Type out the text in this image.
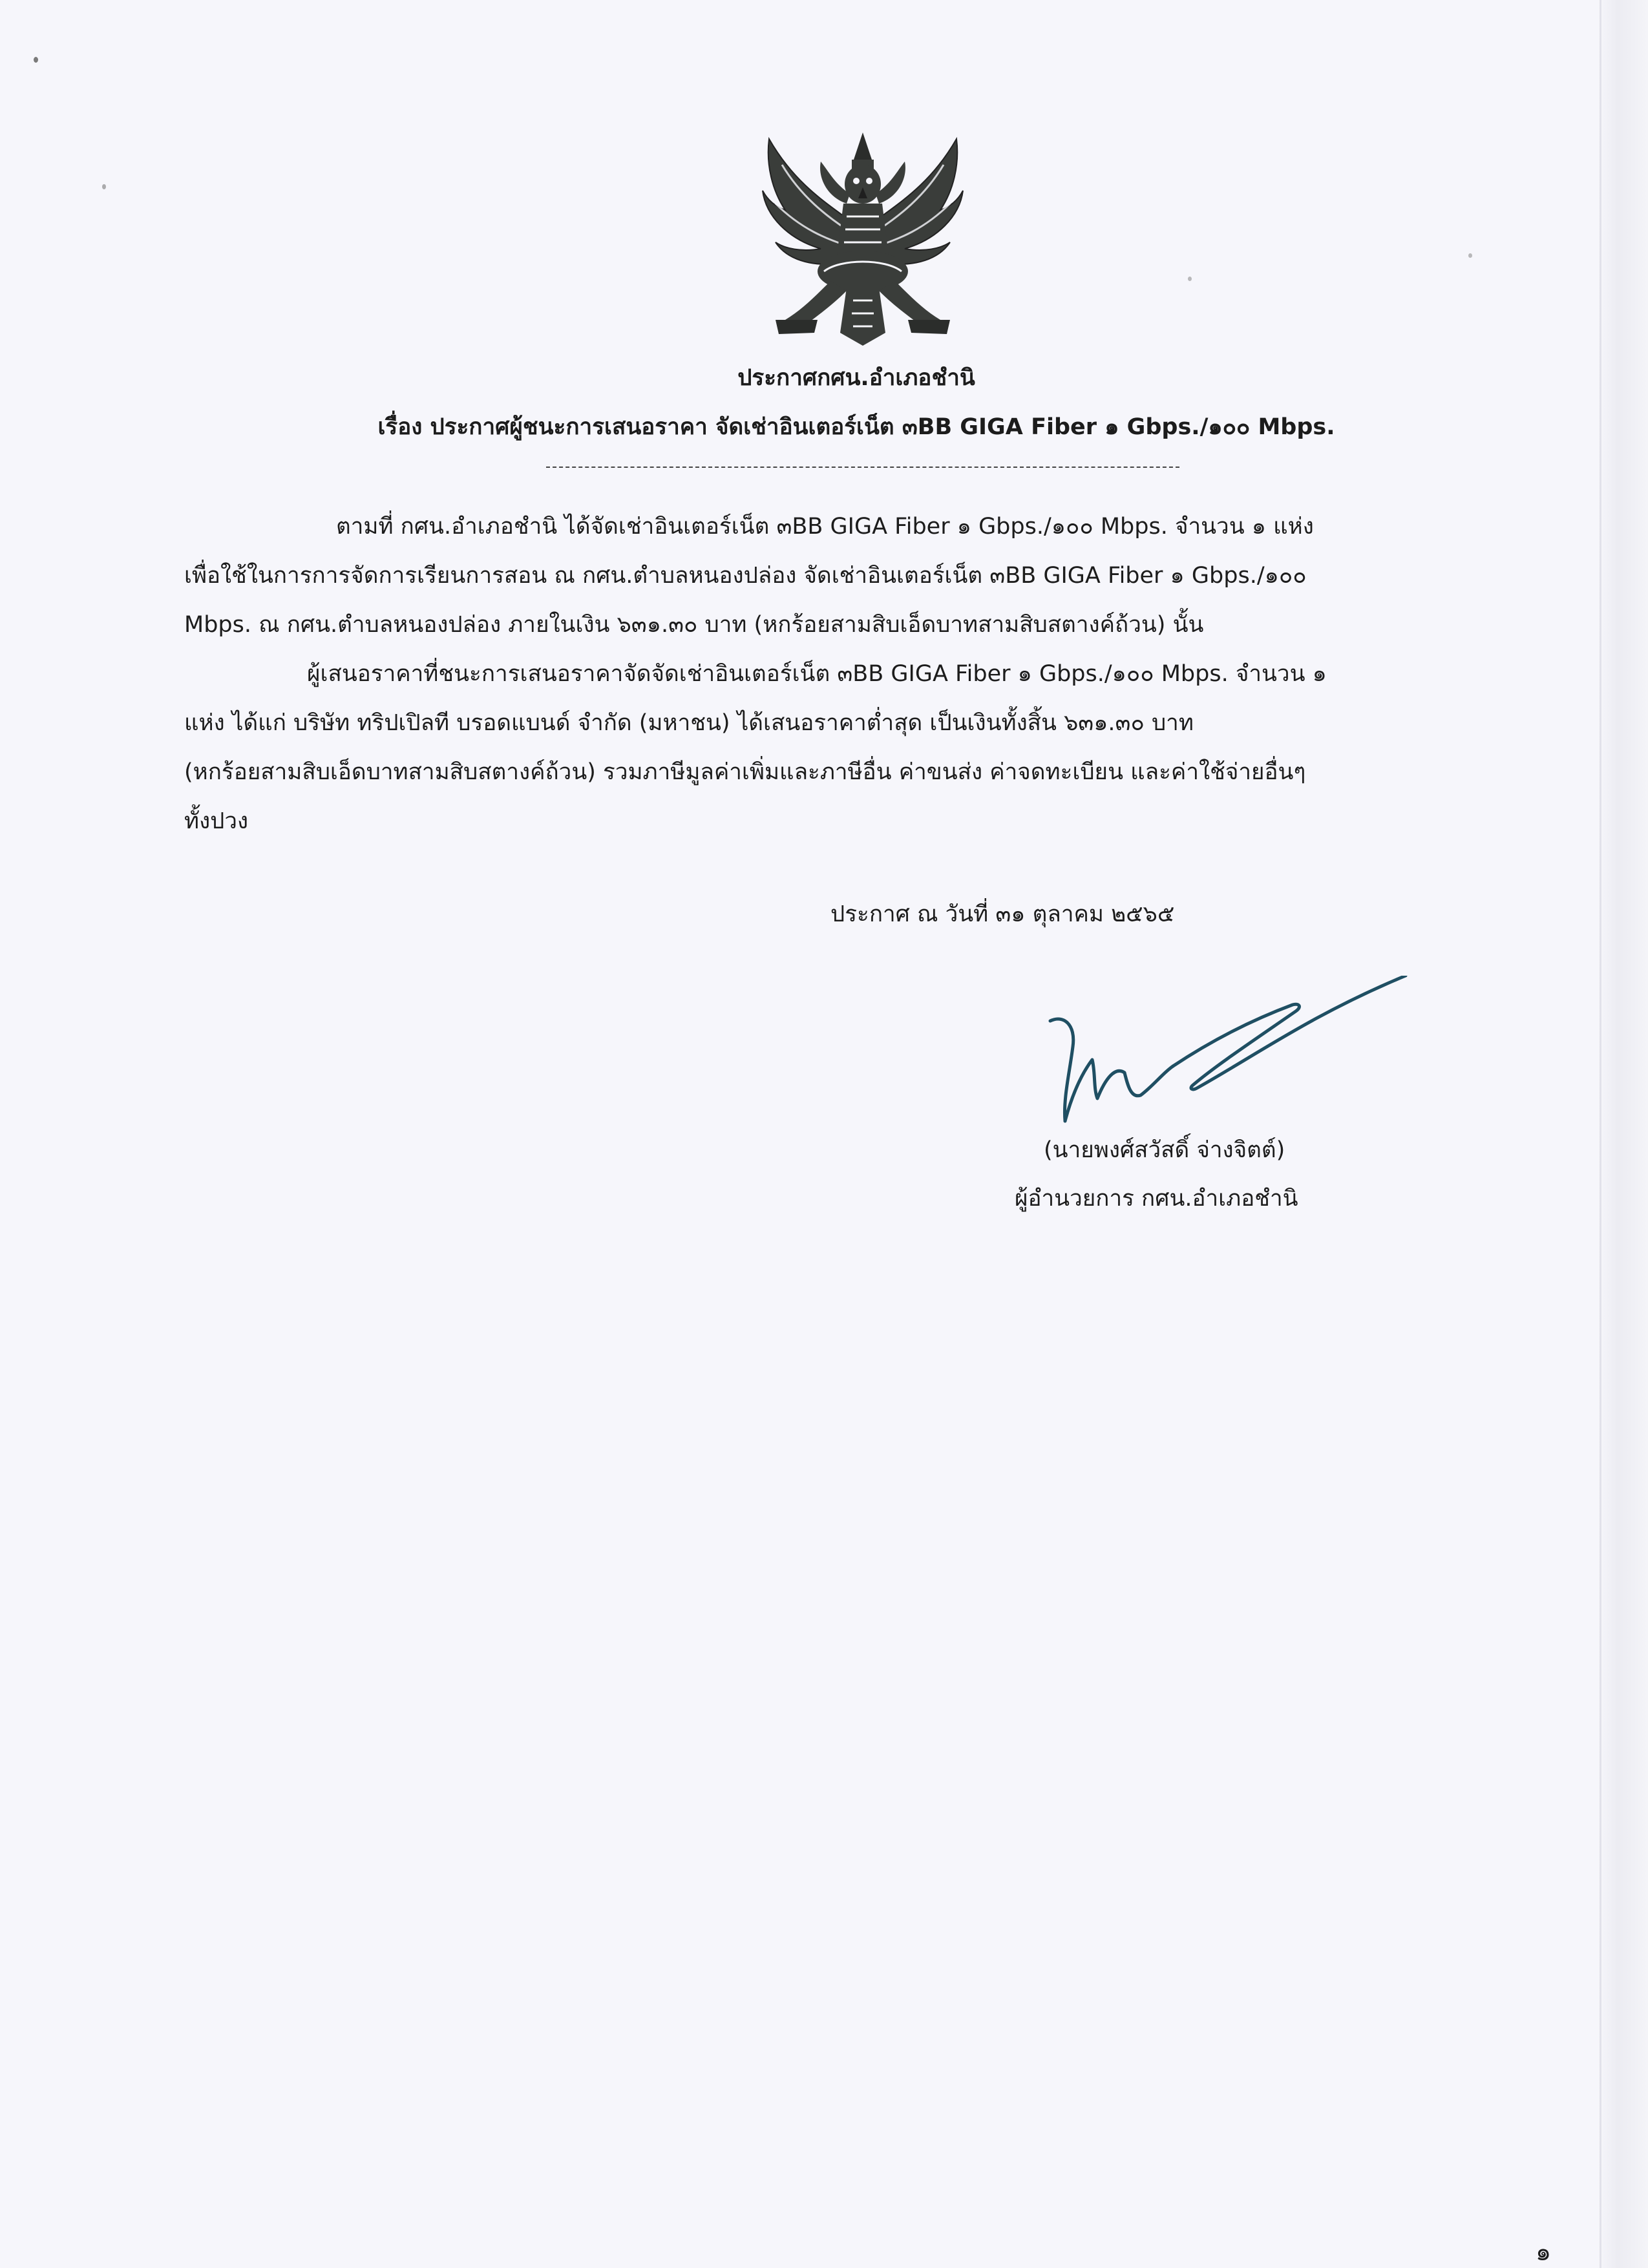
ประกาศกศน.อำเภอชำนิ
เรื่อง ประกาศผู้ชนะการเสนอราคา จัดเช่าอินเตอร์เน็ต ๓BB GIGA Fiber ๑ Gbps./๑๐๐ Mbps.
ตามที่ กศน.อำเภอชำนิ ได้จัดเช่าอินเตอร์เน็ต ๓BB GIGA Fiber ๑ Gbps./๑๐๐ Mbps. จำนวน ๑ แห่ง
เพื่อใช้ในการการจัดการเรียนการสอน ณ กศน.ตำบลหนองปล่อง จัดเช่าอินเตอร์เน็ต ๓BB GIGA Fiber ๑ Gbps./๑๐๐
Mbps. ณ กศน.ตำบลหนองปล่อง ภายในเงิน ๖๓๑.๓๐ บาท (หกร้อยสามสิบเอ็ดบาทสามสิบสตางค์ถ้วน) นั้น
ผู้เสนอราคาที่ชนะการเสนอราคาจัดจัดเช่าอินเตอร์เน็ต ๓BB GIGA Fiber ๑ Gbps./๑๐๐ Mbps. จำนวน ๑
แห่ง ได้แก่ บริษัท ทริปเปิลที บรอดแบนด์ จำกัด (มหาชน) ได้เสนอราคาต่ำสุด เป็นเงินทั้งสิ้น ๖๓๑.๓๐ บาท
(หกร้อยสามสิบเอ็ดบาทสามสิบสตางค์ถ้วน) รวมภาษีมูลค่าเพิ่มและภาษีอื่น ค่าขนส่ง ค่าจดทะเบียน และค่าใช้จ่ายอื่นๆ
ทั้งปวง
ประกาศ ณ วันที่ ๓๑ ตุลาคม ๒๕๖๕
(นายพงศ์สวัสดิ์ จ่างจิตต์)
ผู้อำนวยการ กศน.อำเภอชำนิ
๑
